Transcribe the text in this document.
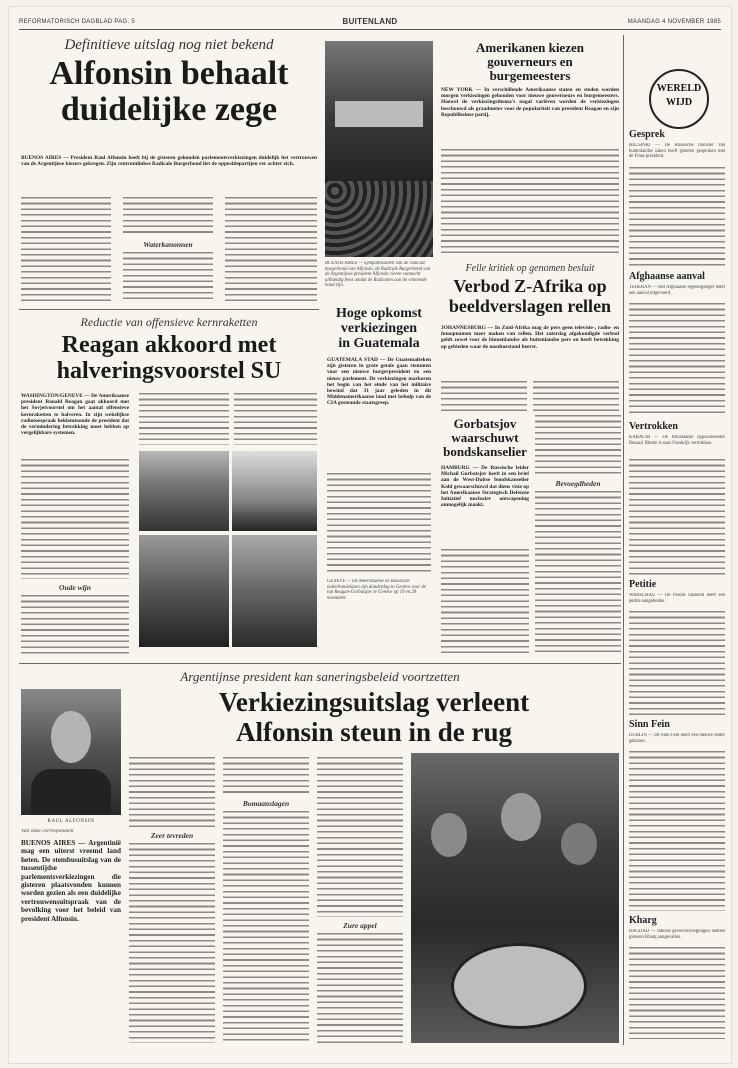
REFORMATORISCH DAGBLAD PAG. 5	BUITENLAND	MAANDAG 4 NOVEMBER 1985
Definitieve uitslag nog niet bekend
Alfonsin behaalt
duidelijke zege
BUENOS AIRES — President Raul Alfonsin heeft bij de gisteren gehouden parlementsverkiezingen duidelijk het vertrouwen van de Argentijnse kiezers gekregen. Zijn centrumlinkse Radicale Burgerbond liet de oppositiepartijen ver achter zich.
Waterkanonnen
Reductie van offensieve kernraketten
Reagan akkoord met
halveringsvoorstel SU
WASHINGTON/GENEVE — De Amerikaanse president Ronald Reagan gaat akkoord met het Sovjetvoorstel om het aantal offensieve kernraketten te halveren. In zijn wekelijkse radiotoespraak heklemtoonde de president dat de vermindering betrekking moet hebben op vergelijkbare systemen.
Oude wijn
BUENOS AIRES — Sympathisanten van de radicale burgerbond van Alfonsin, de Radicale Burgerbond van de Argentijnse president Alfonsin vieren vannacht uitbundig feest omdat de Radicalen aan de winnende hand zijn.
Amerikanen kiezen
gouverneurs en
burgemeesters
NEW YORK — In verschillende Amerikaanse staten en steden worden morgen verkiezingen gehouden voor nieuwe gouverneurs en burgemeesters. Hoewel de verkiezingsthema's nogal variëren worden de verkiezingen beschouwd als graadmeter voor de populariteit van president Reagan en zijn Republikeinse partij.
WERELD
WIJD
Gesprek
HELSINKI — De Russische minister van buitenlandse zaken heeft gisteren gesproken met de Finse president.
Afghaanse aanval
TEHERAN — Het Afghaanse regeringsleger heeft een aanval uitgevoerd.
Vertrokken
KARACHI — De Pakistaanse oppositieleider Benazir Bhutto is naar Frankrijk vertrokken.
Petitie
WARSCHAU — De Poolse vakbond heeft een petitie aangeboden.
Sinn Fein
DUBLIN — De Sinn Fein heeft een nieuwe leider gekozen.
Kharg
BAGDAD — Irakese gevechtsvliegtuigen hebben gisteren Kharg aangevallen.
Hoge opkomst
verkiezingen
in Guatemala
GUATEMALA STAD — De Guatemalteken zijn gisteren in grote getale gaan stemmen voor een nieuwe burgerpresident en een nieuw parlement. De verkiezingen markeren het begin van het einde van het militaire bewind dat 31 jaar geleden in dit Middenamerikaanse land met behulp van de CIA gesteunde staatsgreep.
GENEVE — De Amerikaanse en Russische onderhandelaars zijn donderdag in Genève voor de top Reagan-Gorbatsjov te Genève op 19 en 20 november.
Felle kritiek op genomen besluit
Verbod Z-Afrika op
beeldverslagen rellen
JOHANNESBURG — In Zuid-Afrika mag de pers geen televisie-, radio- en fotoopnamen meer maken van rellen. Het zaterdag afgekondigde verbod geldt zowel voor de binnenlandse als buitenlandse pers en heeft betrekking op gebieden waar de noodtoestand heerst.
Gorbatsjov
waarschuwt
bondskanselier
HAMBURG — De Russische leider Michail Gorbatsjov heeft in een brief aan de West-Duitse bondskanselier Kohl gewaarschuwd dat diens visie op het Amerikaanse Strategisch Defensie Initiatief nucleaire ontwapening onmogelijk maakt.
Bevoegdheden
Argentijnse president kan saneringsbeleid voortzetten
RAUL ALFONSIN
Van onze correspondent
BUENOS AIRES — Argentinië mag een uiterst vreemd land heten. De stembusuitslag van de tussentijdse parlementsverkiezingen die gisteren plaatsvonden kunnen worden gezien als een duidelijke vertrouwensuitspraak van de bevolking voor het beleid van president Alfonsin.
Verkiezingsuitslag verleent
Alfonsin steun in de rug
Zeer tevreden
Bomaanslagen
Zure appel
